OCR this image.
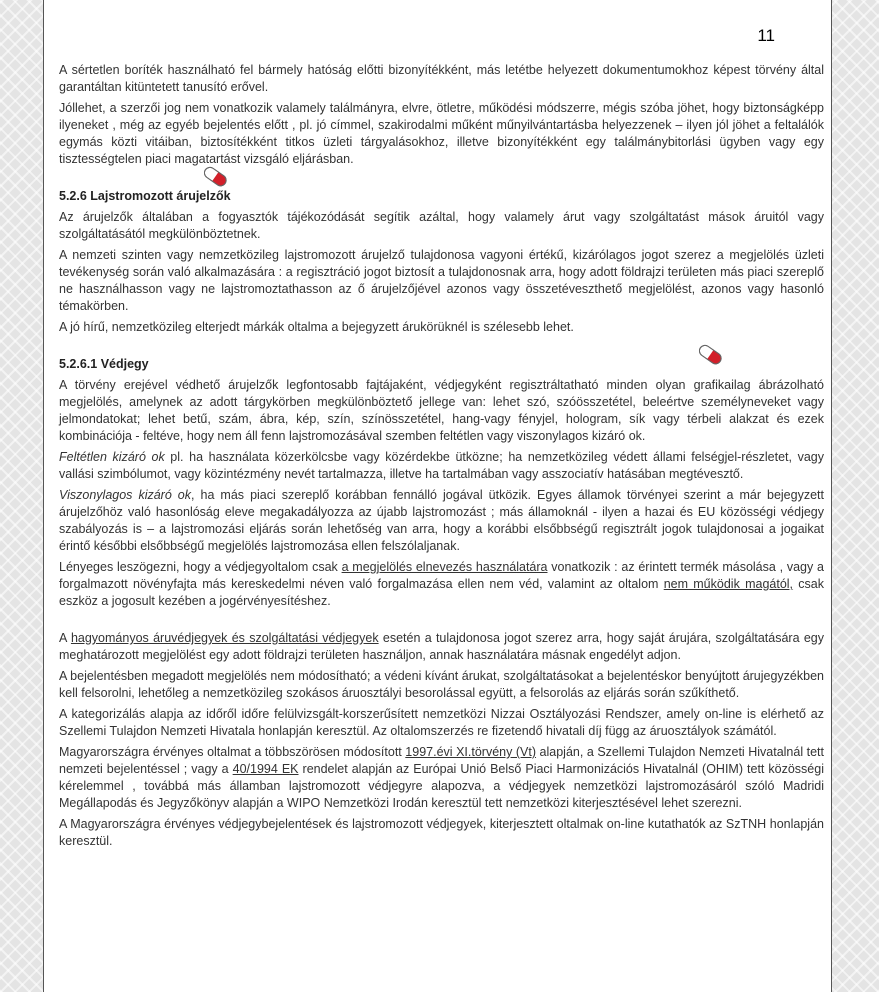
11

A sértetlen boríték használható fel bármely hatóság előtti bizonyítékként, más letétbe helyezett dokumentumokhoz képest törvény által garantáltan kitüntetett tanusító erővel.

Jóllehet, a szerzői jog nem vonatkozik valamely találmányra, elvre, ötletre, működési módszerre, mégis szóba jöhet, hogy biztonságképp ilyeneket , még az egyéb bejelentés előtt , pl. jó címmel, szakirodalmi műként műnyilvántartásba helyezzenek – ilyen jól jöhet a feltalálók egymás közti vitáiban, biztosítékként titkos üzleti tárgyalásokhoz, illetve bizonyítékként egy találmánybitorlási ügyben vagy egy tisztességtelen piaci magatartást vizsgáló eljárásban.

5.2.6 Lajstromozott árujelzők

Az árujelzők általában a fogyasztók tájékozódását segítik azáltal, hogy valamely árut vagy szolgáltatást mások áruitól vagy szolgáltatásától megkülönböztetnek.

A nemzeti szinten vagy nemzetközileg lajstromozott árujelző tulajdonosa vagyoni értékű, kizárólagos jogot szerez a megjelölés üzleti tevékenység során való alkalmazására : a regisztráció jogot biztosít a tulajdonosnak arra, hogy adott földrajzi területen más piaci szereplő ne használhasson vagy ne lajstromoztathasson az ő árujelzőjével azonos vagy összetéveszthető megjelölést, azonos vagy hasonló témakörben.

A jó hírű, nemzetközileg elterjedt márkák oltalma a bejegyzett árukörüknél is szélesebb lehet.

5.2.6.1 Védjegy

A törvény erejével védhető árujelzők legfontosabb fajtájaként, védjegyként regisztráltatható minden olyan grafikailag ábrázolható megjelölés, amelynek az adott tárgykörben megkülönböztető jellege van: lehet szó, szóösszetétel, beleértve személyneveket vagy jelmondatokat; lehet betű, szám, ábra, kép, szín, színösszetétel, hang-vagy fényjel, hologram, sík vagy térbeli alakzat és ezek kombinációja - feltéve, hogy nem áll fenn lajstromozásával szemben feltétlen vagy viszonylagos kizáró ok.

Feltétlen kizáró ok pl. ha használata közerkölcsbe vagy közérdekbe ütközne; ha nemzetközileg védett állami felségjel-részletet, vagy vallási szimbólumot, vagy közintézmény nevét tartalmazza, illetve ha tartalmában vagy asszociatív hatásában megtévesztő.

Viszonylagos kizáró ok, ha más piaci szereplő korábban fennálló jogával ütközik. Egyes államok törvényei szerint a már bejegyzett árujelzőhöz való hasonlóság eleve megakadályozza az újabb lajstromozást ; más államoknál - ilyen a hazai és EU közösségi védjegy szabályozás is – a lajstromozási eljárás során lehetőség van arra, hogy a korábbi elsőbbségű regisztrált jogok tulajdonosai a jogaikat érintő későbbi elsőbbségű megjelölés lajstromozása ellen felszólaljanak.

Lényeges leszögezni, hogy a védjegyoltalom csak a megjelölés elnevezés használatára vonatkozik : az érintett termék másolása , vagy a forgalmazott növényfajta más kereskedelmi néven való forgalmazása ellen nem véd, valamint az oltalom nem működik magától, csak eszköz a jogosult kezében a jogérvényesítéshez.

A hagyományos áruvédjegyek és szolgáltatási védjegyek esetén a tulajdonosa jogot szerez arra, hogy saját árujára, szolgáltatására egy meghatározott megjelölést egy adott földrajzi területen használjon, annak használatára másnak engedélyt adjon.

A bejelentésben megadott megjelölés nem módosítható; a védeni kívánt árukat, szolgáltatásokat a bejelentéskor benyújtott árujegyzékben kell felsorolni, lehetőleg a nemzetközileg szokásos áruosztályi besorolással együtt, a felsorolás az eljárás során szűkíthető.

A kategorizálás alapja az időről időre felülvizsgált-korszerűsített nemzetközi Nizzai Osztályozási Rendszer, amely on-line is elérhető az Szellemi Tulajdon Nemzeti Hivatala honlapján keresztül. Az oltalomszerzés re fizetendő hivatali díj függ az áruosztályok számától.

Magyarországra érvényes oltalmat a többszörösen módosított 1997.évi XI.törvény (Vt) alapján, a Szellemi Tulajdon Nemzeti Hivatalnál tett nemzeti bejelentéssel ; vagy a 40/1994 EK rendelet alapján az Európai Unió Belső Piaci Harmonizációs Hivatalnál (OHIM) tett közösségi kérelemmel , továbbá más államban lajstromozott védjegyre alapozva, a védjegyek nemzetközi lajstromozásáról szóló Madridi Megállapodás és Jegyzőkönyv alapján a WIPO Nemzetközi Irodán keresztül tett nemzetközi kiterjesztésével lehet szerezni.

A Magyarországra érvényes védjegybejelentések és lajstromozott védjegyek, kiterjesztett oltalmak on-line kutathatók az SzTNH honlapján keresztül.
